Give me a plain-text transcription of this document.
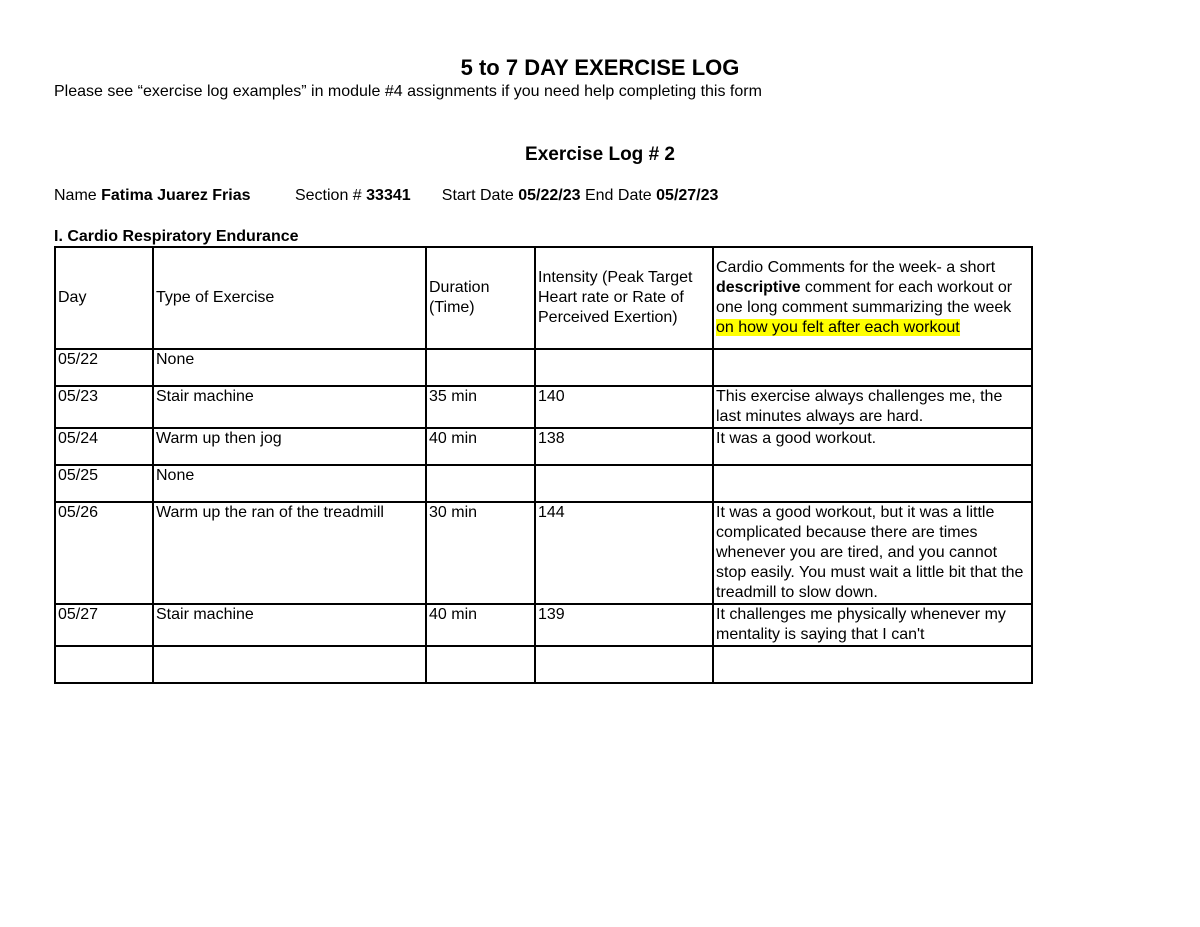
5 to 7 DAY EXERCISE LOG
Please see “exercise log examples” in module #4 assignments if you need help completing this form
Exercise Log # 2
Name Fatima Juarez Frias	Section # 33341 Start Date 05/22/23 End Date 05/27/23
I. Cardio Respiratory Endurance
Day	Type of Exercise	Duration (Time)	Intensity (Peak Target Heart rate or Rate of Perceived Exertion)	Cardio Comments for the week- a short descriptive comment for each workout or one long comment summarizing the week on how you felt after each workout
05/22	None			
05/23	Stair machine	35 min	140	This exercise always challenges me, the last minutes always are hard.
05/24	Warm up then jog	40 min	138	It was a good workout.
05/25	None			
05/26	Warm up the ran of the treadmill	30 min	144	It was a good workout, but it was a little complicated because there are times whenever you are tired, and you cannot stop easily. You must wait a little bit that the treadmill to slow down.
05/27	Stair machine	40 min	139	It challenges me physically whenever my mentality is saying that I can't
